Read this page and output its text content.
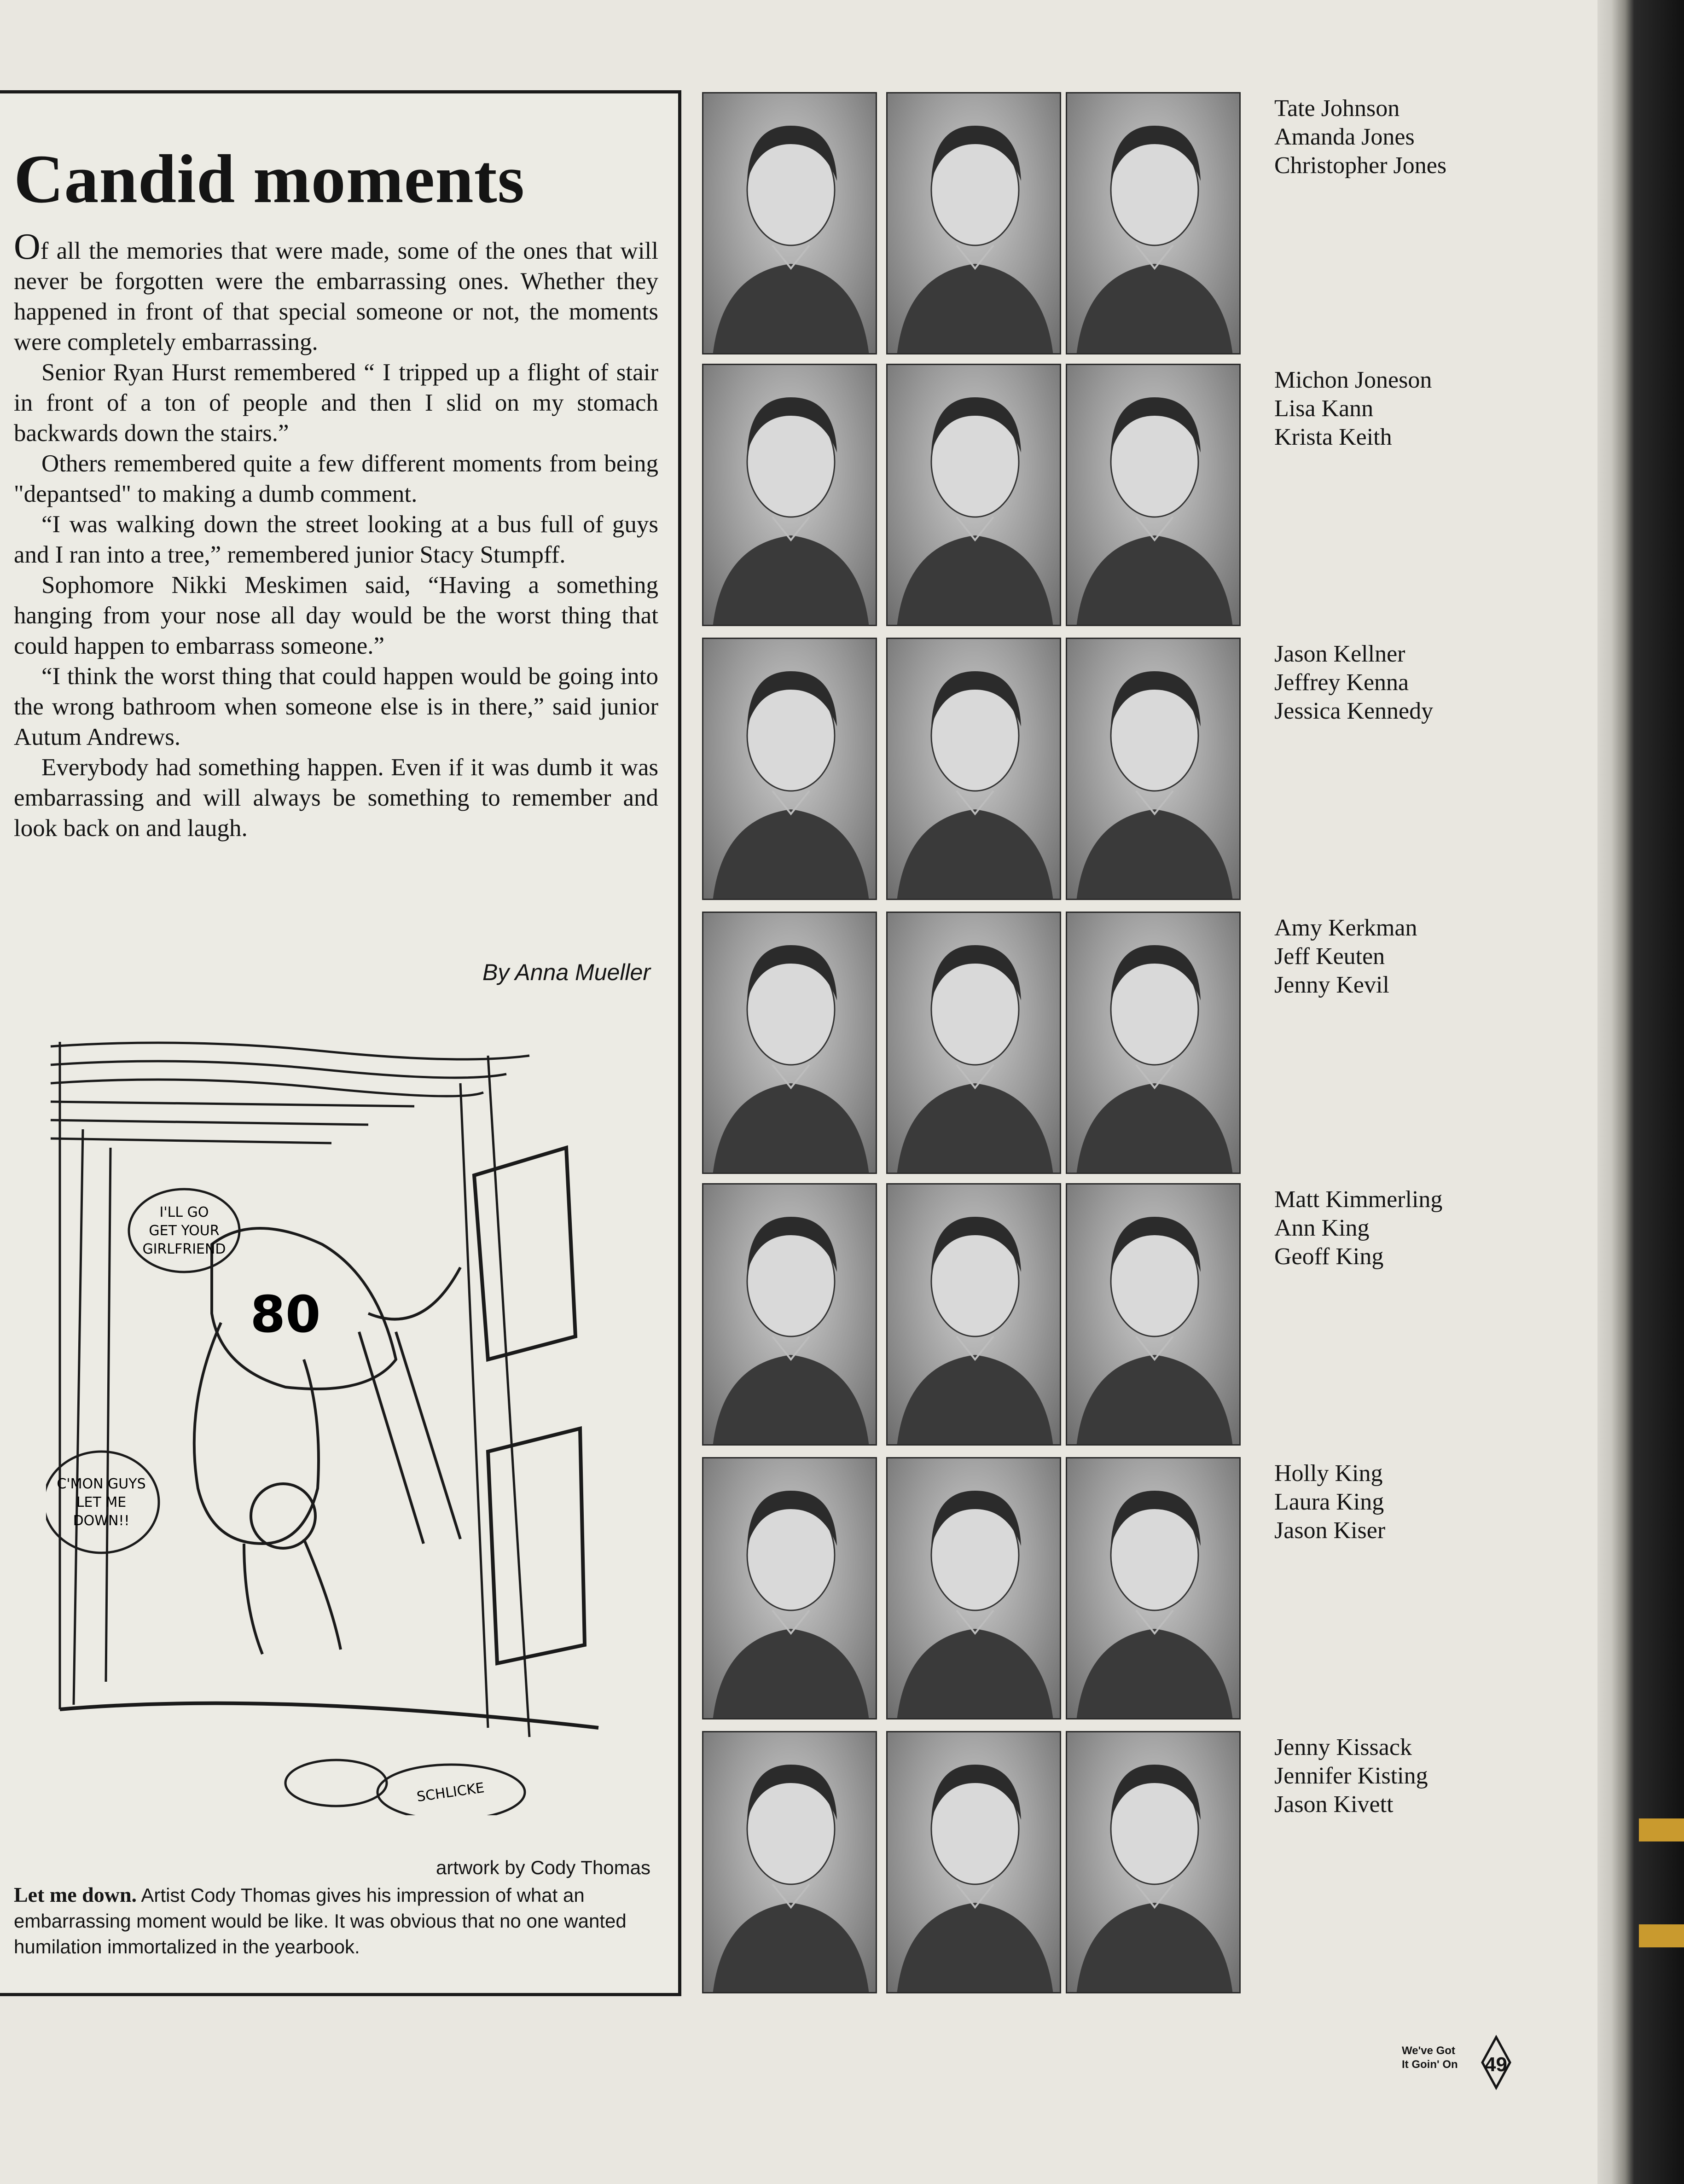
Candid moments

Of all the memories that were made, some of the ones that will never be forgotten were the embarrassing ones. Whether they happened in front of that special someone or not, the moments were completely embarrassing.

Senior Ryan Hurst remembered “ I tripped up a flight of stair in front of a ton of people and then I slid on my stomach backwards down the stairs.”

Others remembered quite a few different moments from being "depantsed" to making a dumb comment.

“I was walking down the street looking at a bus full of guys and I ran into a tree,” remembered junior Stacy Stumpff.

Sophomore Nikki Meskimen said, “Having a something hanging from your nose all day would be the worst thing that could happen to embarrass someone.”

“I think the worst thing that could happen would be going into the wrong bathroom when someone else is in there,” said junior Autum Andrews.

Everybody had something happen. Even if it was dumb it was embarrassing and will always be something to remember and look back on and laugh.

By Anna Mueller
I'LL GO
GET YOUR
GIRLFRIEND
C'MON GUYS
LET ME
DOWN!!
80
SCHLICKE
artwork by Cody Thomas
Let me down. Artist Cody Thomas gives his impression of what an embarrassing moment would be like. It was obvious that no one wanted humilation immortalized in the yearbook.
Tate Johnson
Amanda Jones
Christopher Jones
Michon Joneson
Lisa Kann
Krista Keith
Jason Kellner
Jeffrey Kenna
Jessica Kennedy
Amy Kerkman
Jeff Keuten
Jenny Kevil
Matt Kimmerling
Ann King
Geoff King
Holly King
Laura King
Jason Kiser
Jenny Kissack
Jennifer Kisting
Jason Kivett
We've Got
It Goin' On 49
